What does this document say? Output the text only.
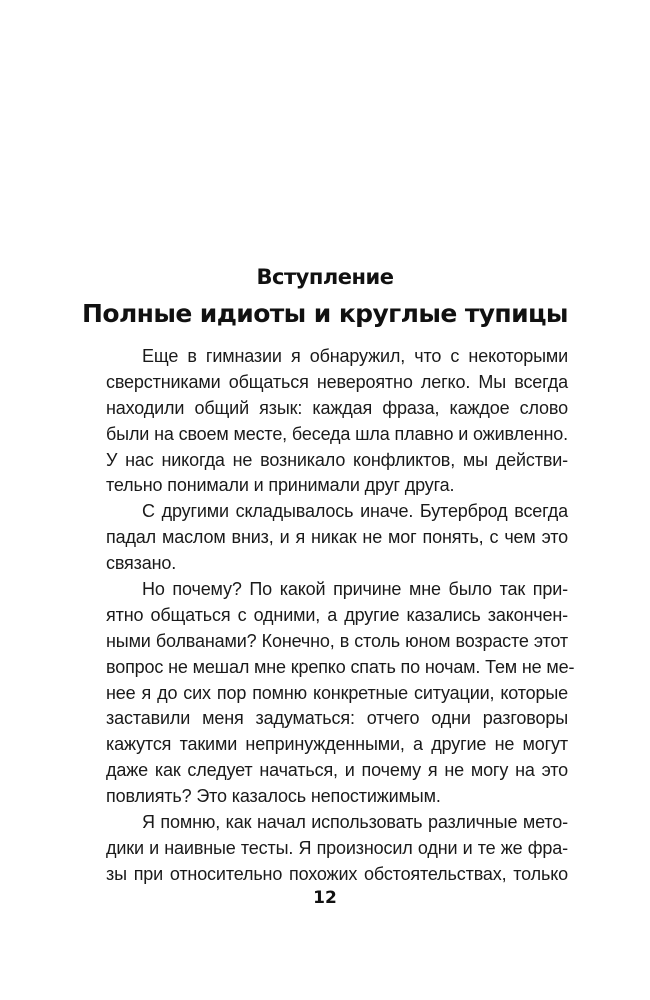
Вступление
Полные идиоты и круглые тупицы
Еще в гимназии я обнаружил, что с некоторыми
сверстниками общаться невероятно легко. Мы всегда
находили общий язык: каждая фраза, каждое слово
были на своем месте, беседа шла плавно и оживленно.
У нас никогда не возникало конфликтов, мы действи-
тельно понимали и принимали друг друга.
С другими складывалось иначе. Бутерброд всегда
падал маслом вниз, и я никак не мог понять, с чем это
связано.
Но почему? По какой причине мне было так при-
ятно общаться с одними, а другие казались закончен-
ными болванами? Конечно, в столь юном возрасте этот
вопрос не мешал мне крепко спать по ночам. Тем не ме-
нее я до сих пор помню конкретные ситуации, которые
заставили меня задуматься: отчего одни разговоры
кажутся такими непринужденными, а другие не могут
даже как следует начаться, и почему я не могу на это
повлиять? Это казалось непостижимым.
Я помню, как начал использовать различные мето-
дики и наивные тесты. Я произносил одни и те же фра-
зы при относительно похожих обстоятельствах, только
12
